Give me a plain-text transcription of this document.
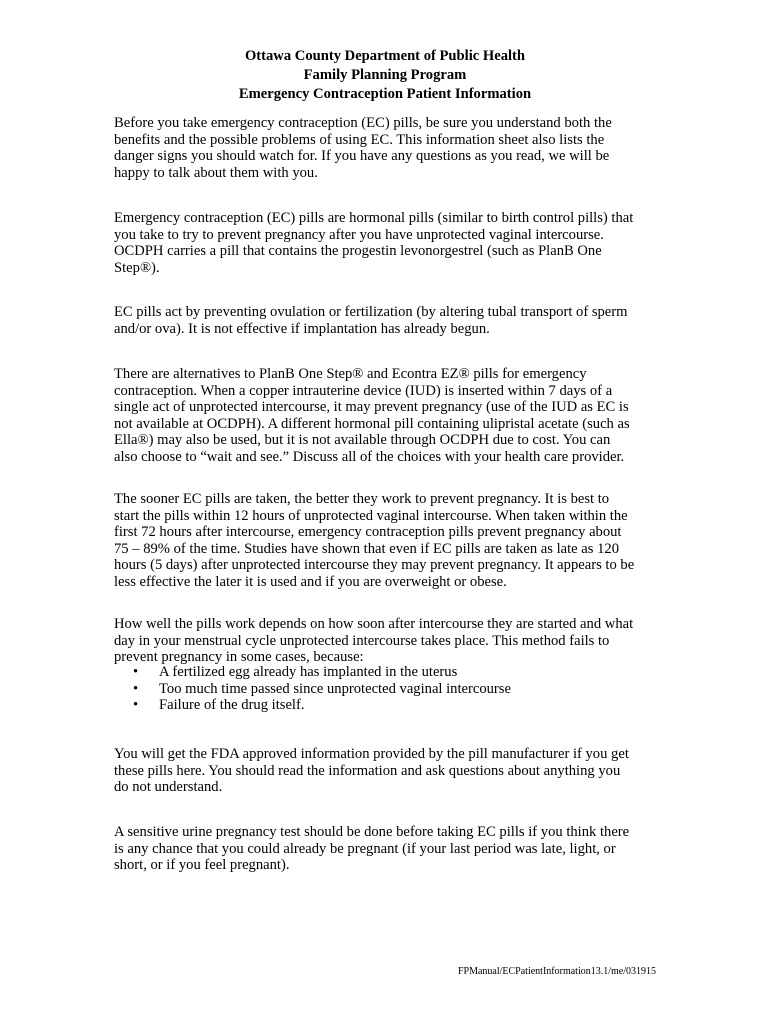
Ottawa County Department of Public Health
Family Planning Program
Emergency Contraception Patient Information

Before you take emergency contraception (EC) pills, be sure you understand both the
benefits and the possible problems of using EC. This information sheet also lists the
danger signs you should watch for. If you have any questions as you read, we will be
happy to talk about them with you.

Emergency contraception (EC) pills are hormonal pills (similar to birth control pills) that
you take to try to prevent pregnancy after you have unprotected vaginal intercourse.
OCDPH carries a pill that contains the progestin levonorgestrel (such as PlanB One
Step®).

EC pills act by preventing ovulation or fertilization (by altering tubal transport of sperm
and/or ova). It is not effective if implantation has already begun.

There are alternatives to PlanB One Step® and Econtra EZ® pills for emergency
contraception. When a copper intrauterine device (IUD) is inserted within 7 days of a
single act of unprotected intercourse, it may prevent pregnancy (use of the IUD as EC is
not available at OCDPH). A different hormonal pill containing ulipristal acetate (such as
Ella®) may also be used, but it is not available through OCDPH due to cost. You can
also choose to “wait and see.” Discuss all of the choices with your health care provider.

The sooner EC pills are taken, the better they work to prevent pregnancy. It is best to
start the pills within 12 hours of unprotected vaginal intercourse. When taken within the
first 72 hours after intercourse, emergency contraception pills prevent pregnancy about
75 – 89% of the time. Studies have shown that even if EC pills are taken as late as 120
hours (5 days) after unprotected intercourse they may prevent pregnancy. It appears to be
less effective the later it is used and if you are overweight or obese.

How well the pills work depends on how soon after intercourse they are started and what
day in your menstrual cycle unprotected intercourse takes place. This method fails to
prevent pregnancy in some cases, because:

• A fertilized egg already has implanted in the uterus
• Too much time passed since unprotected vaginal intercourse
• Failure of the drug itself.

You will get the FDA approved information provided by the pill manufacturer if you get
these pills here. You should read the information and ask questions about anything you
do not understand.

A sensitive urine pregnancy test should be done before taking EC pills if you think there
is any chance that you could already be pregnant (if your last period was late, light, or
short, or if you feel pregnant).

FPManual/ECPatientInformation13.1/me/031915
